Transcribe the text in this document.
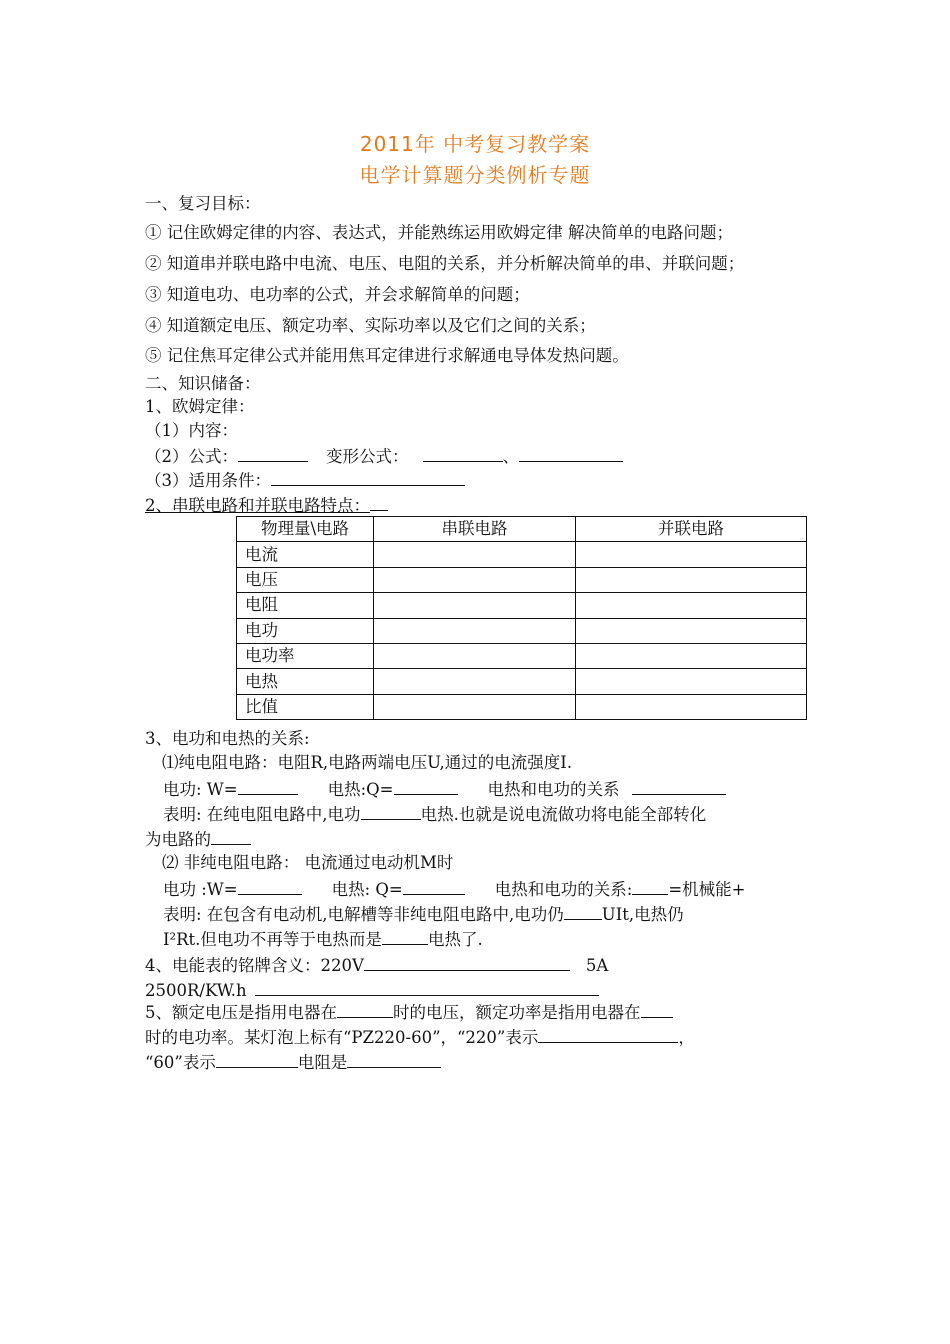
2011年 中考复习教学案
电学计算题分类例析专题
一、复习目标：
① 记住欧姆定律的内容、表达式，并能熟练运用欧姆定律 解决简单的电路问题；
② 知道串并联电路中电流、电压、电阻的关系，并分析解决简单的串、并联问题；
③ 知道电功、电功率的公式，并会求解简单的问题；
④ 知道额定电压、额定功率、实际功率以及它们之间的关系；
⑤ 记住焦耳定律公式并能用焦耳定律进行求解通电导体发热问题。
二、知识储备：
1、欧姆定律：
（1）内容：
（2）公式：	变形公式：	、
（3）适用条件：
2、串联电路和并联电路特点：
物理量\电路	串联电路	并联电路
电流		
电压		
电阻		
电功		
电功率		
电热		
比值		
3、电功和电热的关系:
⑴纯电阻电路：电阻R,电路两端电压U,通过的电流强度I.
电功: W=	电热:Q=	电热和电功的关系
表明: 在纯电阻电路中,电功	电热.也就是说电流做功将电能全部转化
为电路的
⑵ 非纯电阻电路： 电流通过电动机M时
电功 :W=	电热: Q=	电热和电功的关系: =机械能+
表明: 在包含有电动机,电解槽等非纯电阻电路中,电功仍 UIt,电热仍
I²Rt.但电功不再等于电热而是	电热了.
4、电能表的铭牌含义：220V	5A
2500R/KW.h
5、额定电压是指用电器在	时的电压，额定功率是指用电器在
时的电功率。某灯泡上标有“PZ220-60”，“220”表示	，
“60”表示	电阻是
